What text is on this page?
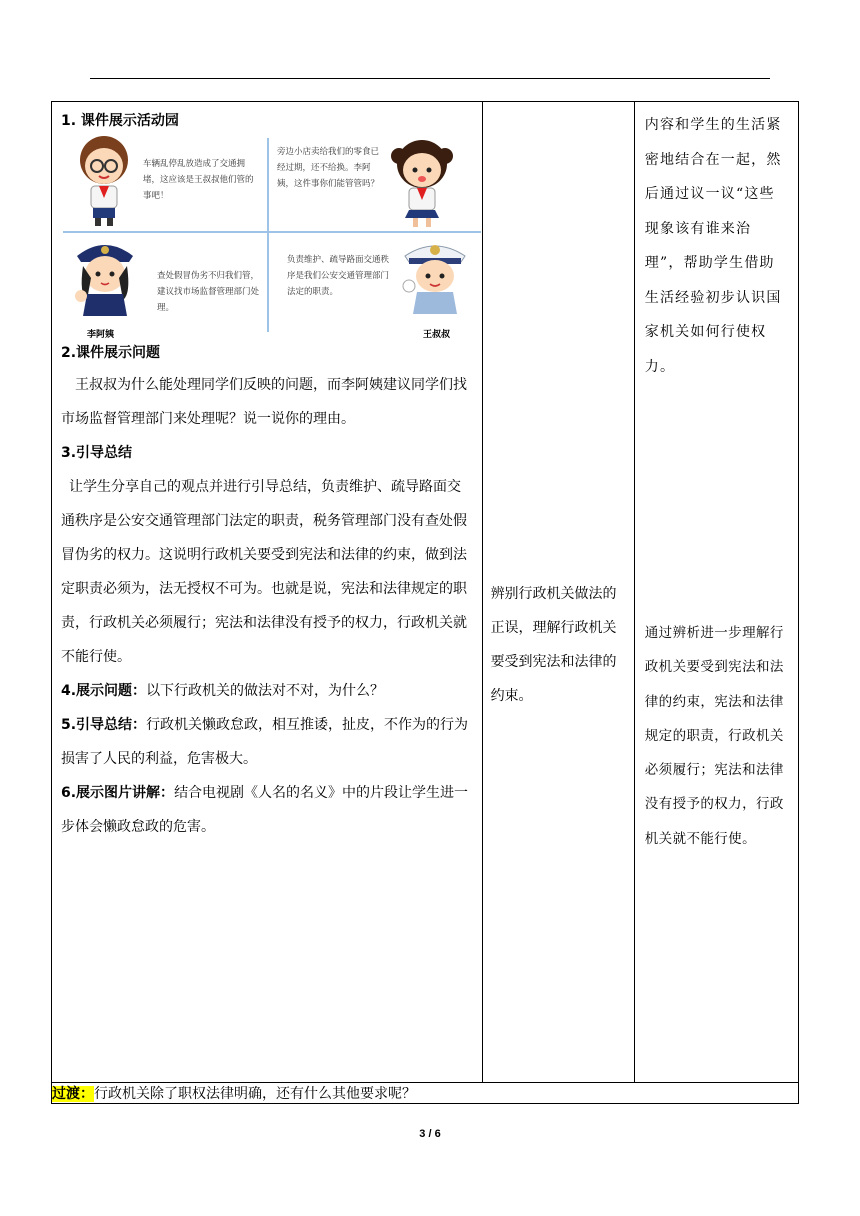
1. 课件展示活动园

车辆乱停乱放造成了交通拥堵，这应该是王叔叔他们管的事吧！
旁边小店卖给我们的零食已经过期，还不给换。李阿姨，这件事你们能管管吗？
李阿姨
查处假冒伪劣不归我们管，建议找市场监督管理部门处理。
负责维护、疏导路面交通秩序是我们公安交通管理部门法定的职责。
王叔叔

2.课件展示问题

王叔叔为什么能处理同学们反映的问题，而李阿姨建议同学们找市场监督管理部门来处理呢？说一说你的理由。

3.引导总结

让学生分享自己的观点并进行引导总结，负责维护、疏导路面交通秩序是公安交通管理部门法定的职责，税务管理部门没有查处假冒伪劣的权力。这说明行政机关要受到宪法和法律的约束，做到法定职责必须为，法无授权不可为。也就是说，宪法和法律规定的职责，行政机关必须履行；宪法和法律没有授予的权力，行政机关就不能行使。

4.展示问题：以下行政机关的做法对不对，为什么？

5.引导总结：行政机关懒政怠政，相互推诿，扯皮，不作为的行为损害了人民的利益，危害极大。

6.展示图片讲解：结合电视剧《人名的名义》中的片段让学生进一步体会懒政怠政的危害。

辨别行政机关做法的正误，理解行政机关要受到宪法和法律的约束。

内容和学生的生活紧密地结合在一起，然后通过议一议“这些现象该有谁来治理”，帮助学生借助生活经验初步认识国家机关如何行使权力。
通过辨析进一步理解行政机关要受到宪法和法律的约束，宪法和法律规定的职责，行政机关必须履行；宪法和法律没有授予的权力，行政机关就不能行使。

过渡：行政机关除了职权法律明确，还有什么其他要求呢？
3 / 6
